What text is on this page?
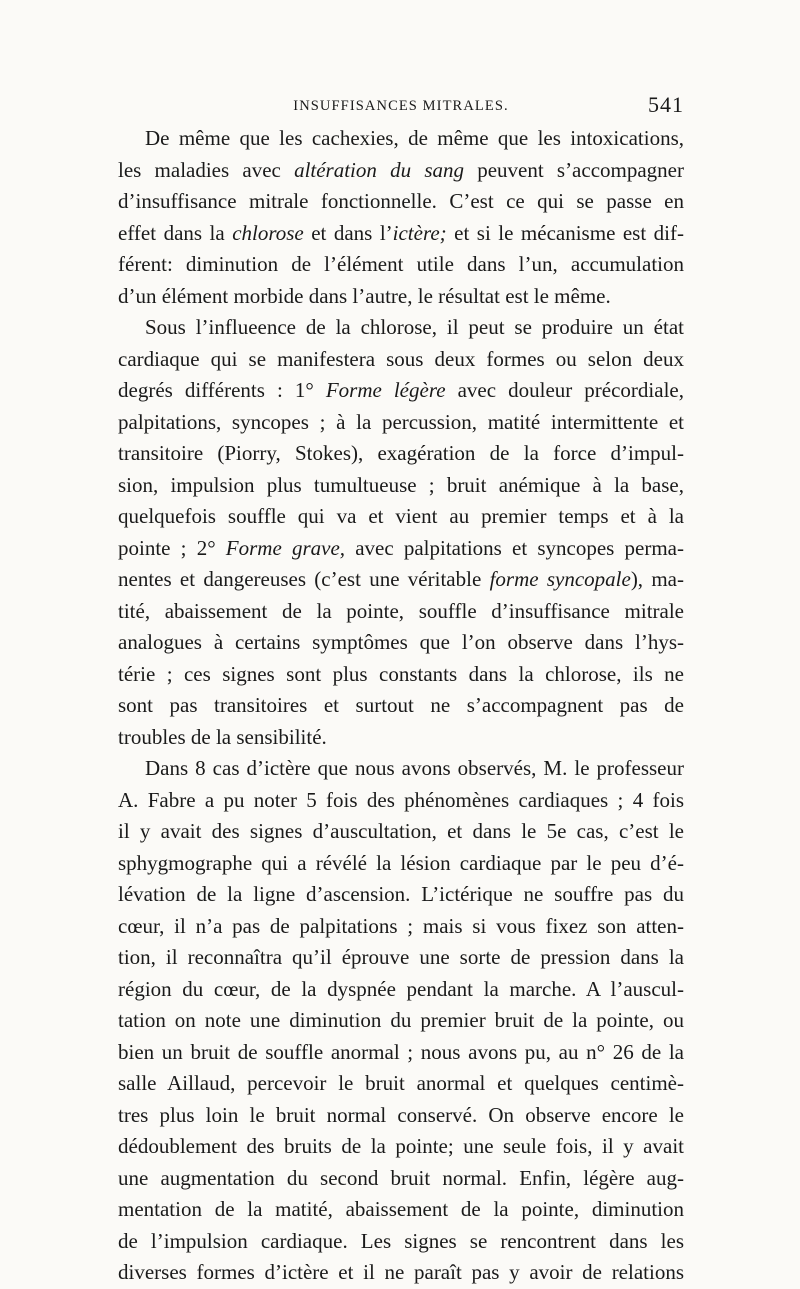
INSUFFISANCES MITRALES.	541
De même que les cachexies, de même que les intoxications,
les maladies avec altération du sang peuvent s’accompagner
d’insuffisance mitrale fonctionnelle. C’est ce qui se passe en
effet dans la chlorose et dans l’ictère; et si le mécanisme est dif-
férent: diminution de l’élément utile dans l’un, accumulation
d’un élément morbide dans l’autre, le résultat est le même.
Sous l’influeence de la chlorose, il peut se produire un état
cardiaque qui se manifestera sous deux formes ou selon deux
degrés différents : 1° Forme légère avec douleur précordiale,
palpitations, syncopes ; à la percussion, matité intermittente et
transitoire (Piorry, Stokes), exagération de la force d’impul-
sion, impulsion plus tumultueuse ; bruit anémique à la base,
quelquefois souffle qui va et vient au premier temps et à la
pointe ; 2° Forme grave, avec palpitations et syncopes perma-
nentes et dangereuses (c’est une véritable forme syncopale), ma-
tité, abaissement de la pointe, souffle d’insuffisance mitrale
analogues à certains symptômes que l’on observe dans l’hys-
térie ; ces signes sont plus constants dans la chlorose, ils ne
sont pas transitoires et surtout ne s’accompagnent pas de
troubles de la sensibilité.
Dans 8 cas d’ictère que nous avons observés, M. le professeur
A. Fabre a pu noter 5 fois des phénomènes cardiaques ; 4 fois
il y avait des signes d’auscultation, et dans le 5e cas, c’est le
sphygmographe qui a révélé la lésion cardiaque par le peu d’é-
lévation de la ligne d’ascension. L’ictérique ne souffre pas du
cœur, il n’a pas de palpitations ; mais si vous fixez son atten-
tion, il reconnaîtra qu’il éprouve une sorte de pression dans la
région du cœur, de la dyspnée pendant la marche. A l’auscul-
tation on note une diminution du premier bruit de la pointe, ou
bien un bruit de souffle anormal ; nous avons pu, au n° 26 de la
salle Aillaud, percevoir le bruit anormal et quelques centimè-
tres plus loin le bruit normal conservé. On observe encore le
dédoublement des bruits de la pointe; une seule fois, il y avait
une augmentation du second bruit normal. Enfin, légère aug-
mentation de la matité, abaissement de la pointe, diminution
de l’impulsion cardiaque. Les signes se rencontrent dans les
diverses formes d’ictère et il ne paraît pas y avoir de relations
